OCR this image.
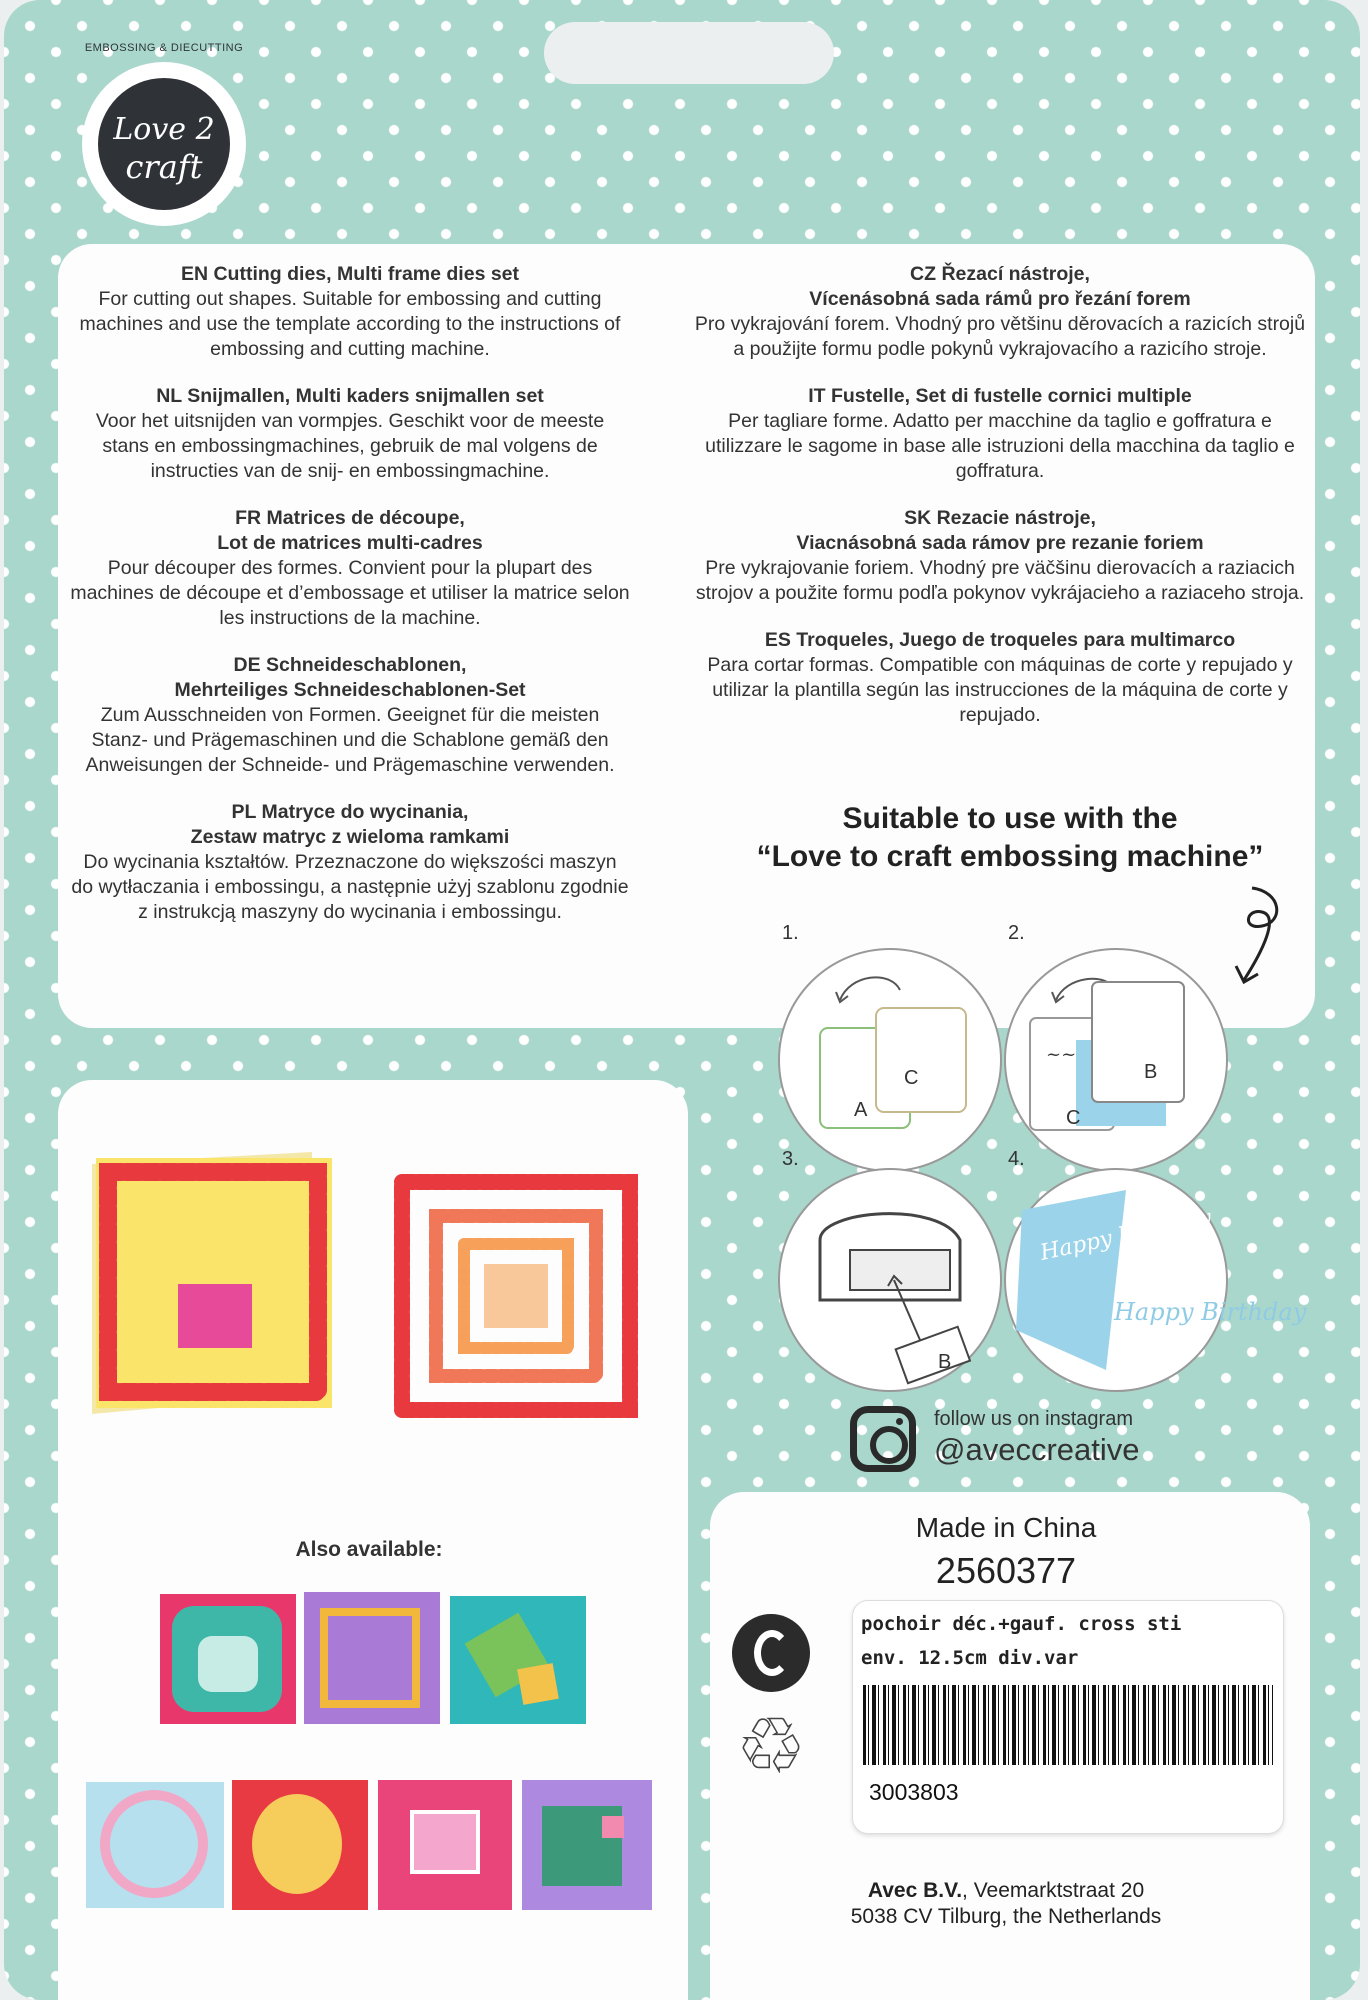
EMBOSSING & DIECUTTING
Love 2
craft
EN Cutting dies, Multi frame dies set

For cutting out shapes. Suitable for embossing and cutting machines and use the template according to the instructions of embossing and cutting machine.

NL Snijmallen, Multi kaders snijmallen set

Voor het uitsnijden van vormpjes. Geschikt voor de meeste stans en embossingmachines, gebruik de mal volgens de instructies van de snij- en embossingmachine.

FR Matrices de découpe,
Lot de matrices multi-cadres

Pour découper des formes. Convient pour la plupart des machines de découpe et d’embossage et utiliser la matrice selon les instructions de la machine.

DE Schneideschablonen,
Mehrteiliges Schneideschablonen-Set

Zum Ausschneiden von Formen. Geeignet für die meisten Stanz- und Prägemaschinen und die Schablone gemäß den Anweisungen der Schneide- und Prägemaschine verwenden.

PL Matryce do wycinania,
Zestaw matryc z wieloma ramkami

Do wycinania kształtów. Przeznaczone do większości maszyn do wytłaczania i embossingu, a następnie użyj szablonu zgodnie z instrukcją maszyny do wycinania i embossingu.

CZ Řezací nástroje,
Vícenásobná sada rámů pro řezání forem

Pro vykrajování forem. Vhodný pro většinu děrovacích a razicích strojů a použijte formu podle pokynů vykrajovacího a razicího stroje.

IT Fustelle, Set di fustelle cornici multiple

Per tagliare forme. Adatto per macchine da taglio e goffratura e utilizzare le sagome in base alle istruzioni della macchina da taglio e goffratura.

SK Rezacie nástroje,
Viacnásobná sada rámov pre rezanie foriem

Pre vykrajovanie foriem. Vhodný pre väčšinu dierovacích a raziacich strojov a použite formu podľa pokynov vykrájacieho a raziaceho stroja.

ES Troqueles, Juego de troqueles para multimarco

Para cortar formas. Compatible con máquinas de corte y repujado y utilizar la plantilla según las instrucciones de la máquina de corte y repujado.

Suitable to use with the
“Love to craft embossing machine”
1.
A
C
2.
~~
C
B
3.
B
4.
Happy birthday
Happy Birthday
Also available:
follow us on instagram
@aveccreative
Made in China
2560377
♲
pochoir déc.+gauf. cross sti
env. 12.5cm div.var
3003803
Avec B.V., Veemarktstraat 20
5038 CV Tilburg, the Netherlands
